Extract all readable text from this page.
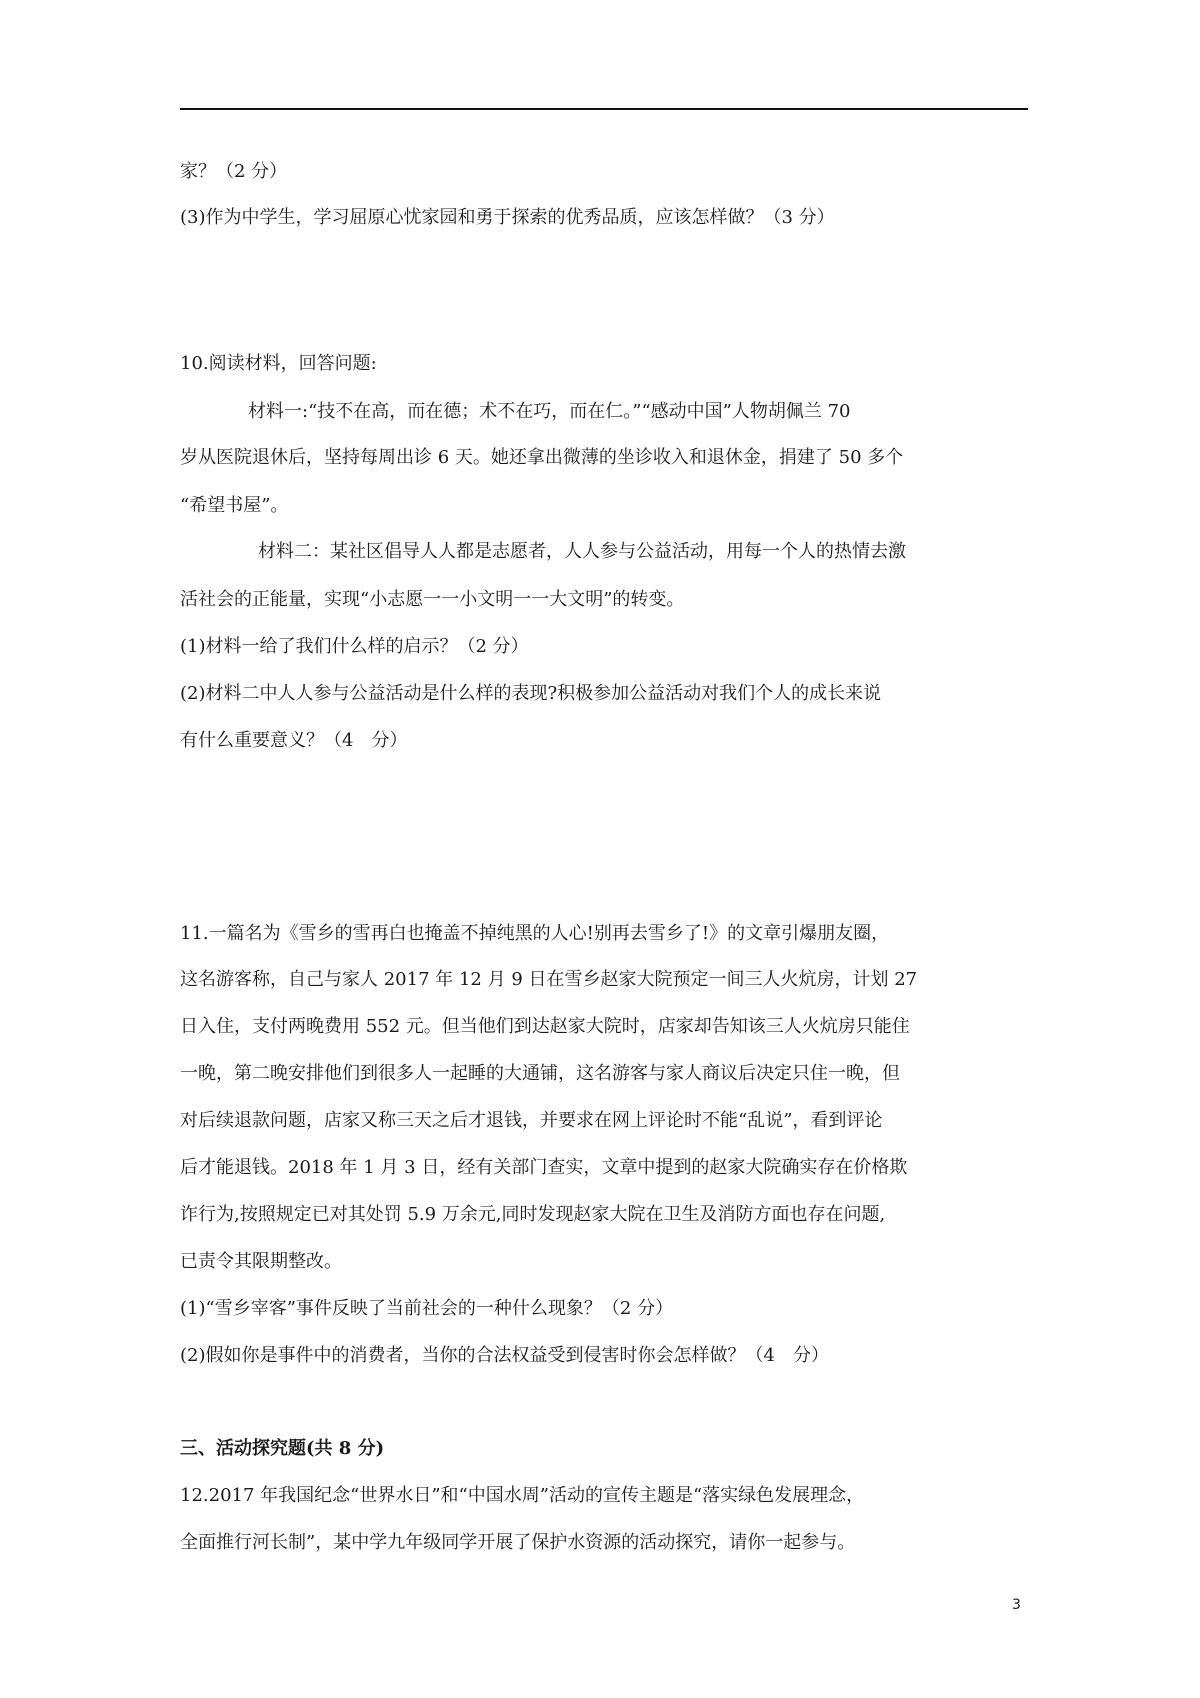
家？（2 分）
(3)作为中学生，学习屈原心忧家园和勇于探索的优秀品质，应该怎样做？（3 分）
10.阅读材料，回答问题:
材料一:“技不在高，而在德；术不在巧，而在仁。”“感动中国”人物胡佩兰 70
岁从医院退休后，坚持每周出诊 6 天。她还拿出微薄的坐诊收入和退休金，捐建了 50 多个
“希望书屋”。
材料二：某社区倡导人人都是志愿者，人人参与公益活动，用每一个人的热情去激
活社会的正能量，实现“小志愿一一小文明一一大文明”的转变。
(1)材料一给了我们什么样的启示？（2 分）
(2)材料二中人人参与公益活动是什么样的表现?积极参加公益活动对我们个人的成长来说
有什么重要意义？（4　分）
11.一篇名为《雪乡的雪再白也掩盖不掉纯黑的人心!别再去雪乡了!》的文章引爆朋友圈，
这名游客称，自己与家人 2017 年 12 月 9 日在雪乡赵家大院预定一间三人火炕房，计划 27
日入住，支付两晚费用 552 元。但当他们到达赵家大院时，店家却告知该三人火炕房只能住
一晚，第二晚安排他们到很多人一起睡的大通铺，这名游客与家人商议后决定只住一晚，但
对后续退款问题，店家又称三天之后才退钱，并要求在网上评论时不能“乱说”，看到评论
后才能退钱。2018 年 1 月 3 日，经有关部门查实，文章中提到的赵家大院确实存在价格欺
诈行为,按照规定已对其处罚 5.9 万余元,同时发现赵家大院在卫生及消防方面也存在问题,
已责令其限期整改。
(1)“雪乡宰客”事件反映了当前社会的一种什么现象？（2 分）
(2)假如你是事件中的消费者，当你的合法权益受到侵害时你会怎样做？（4　分）
三、活动探究题(共 8 分)
12.2017 年我国纪念“世界水日”和“中国水周”活动的宣传主题是“落实绿色发展理念，
全面推行河长制”，某中学九年级同学开展了保护水资源的活动探究，请你一起参与。
3
